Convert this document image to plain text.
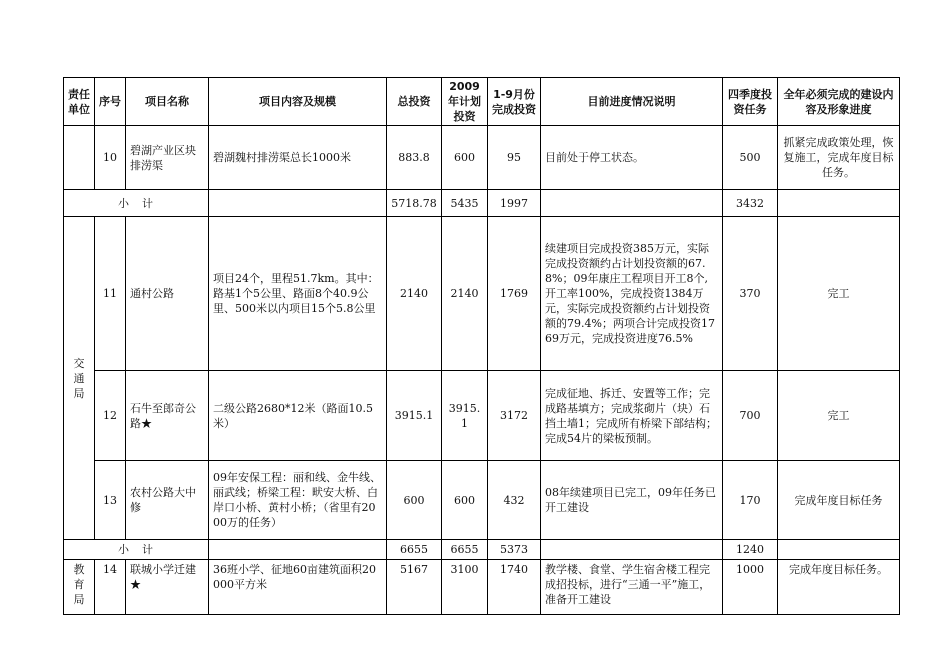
责任单位	序号	项目名称	项目内容及规模	总投资	2009年计划投资	1-9月份完成投资	目前进度情况说明	四季度投资任务	全年必须完成的建设内容及形象进度
	10	碧湖产业区块排涝渠	碧湖魏村排涝渠总长1000米	883.8	600	95	目前处于停工状态。	500	抓紧完成政策处理，恢复施工，完成年度目标任务。
小　计				5718.78	5435	1997		3432	
交通局	11	通村公路	项目24个，里程51.7km。其中：路基1个5公里、路面8个40.9公里、500米以内项目15个5.8公里	2140	2140	1769	续建项目完成投资385万元，实际完成投资额约占计划投资额的67.8%；09年康庄工程项目开工8个,开工率100%，完成投资1384万元，实际完成投资额约占计划投资额的79.4%；两项合计完成投资1769万元，完成投资进度76.5%	370	完工
	12	石牛至郎奇公路★	二级公路2680*12米（路面10.5米）	3915.1	3915.1	3172	完成征地、拆迁、安置等工作；完成路基填方；完成浆砌片（块）石挡土墙1；完成所有桥梁下部结构；完成54片的梁板预制。	700	完工
	13	农村公路大中修	09年安保工程：丽和线、金牛线、丽武线；桥梁工程：畎安大桥、白岸口小桥、黄村小桥；（省里有2000万的任务）	600	600	432	08年续建项目已完工，09年任务已开工建设	170	完成年度目标任务
小　计				6655	6655	5373		1240	
教育局	14	联城小学迁建★	36班小学、征地60亩建筑面积20000平方米	5167	3100	1740	教学楼、食堂、学生宿舍楼工程完成招投标，进行“三通一平”施工，准备开工建设	1000	完成年度目标任务。
